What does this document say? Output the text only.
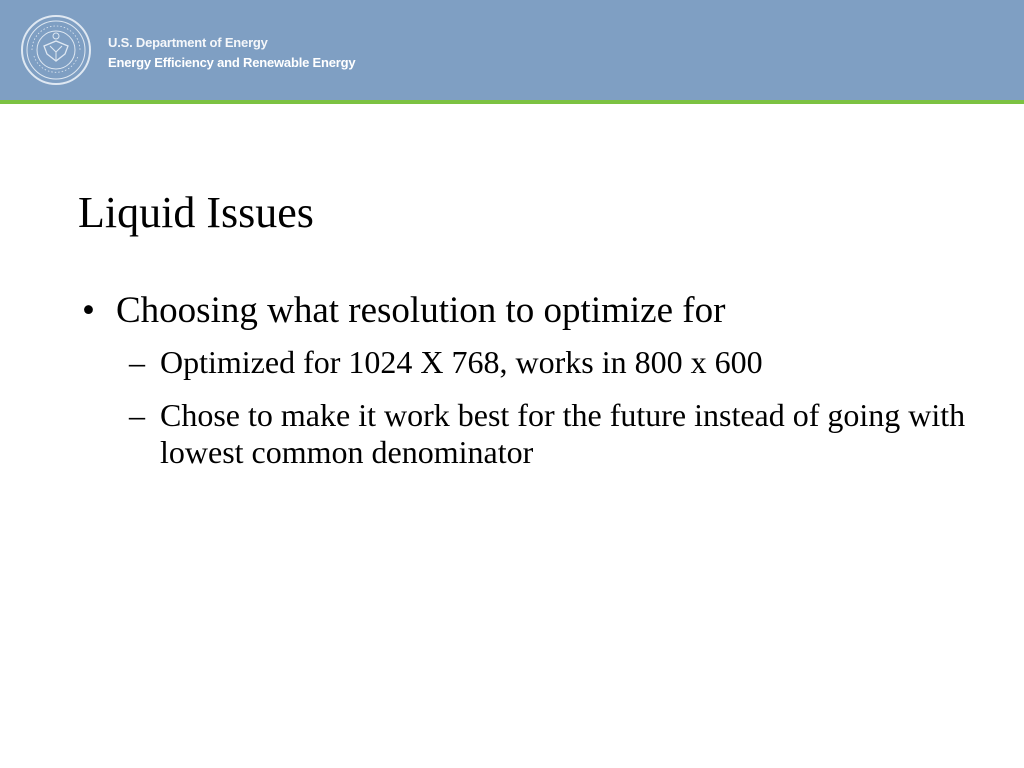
U.S. Department of Energy
Energy Efficiency and Renewable Energy
Liquid Issues
• Choosing what resolution to optimize for
– Optimized for 1024 X 768, works in 800 x 600
– Chose to make it work best for the future instead of going with lowest common denominator
